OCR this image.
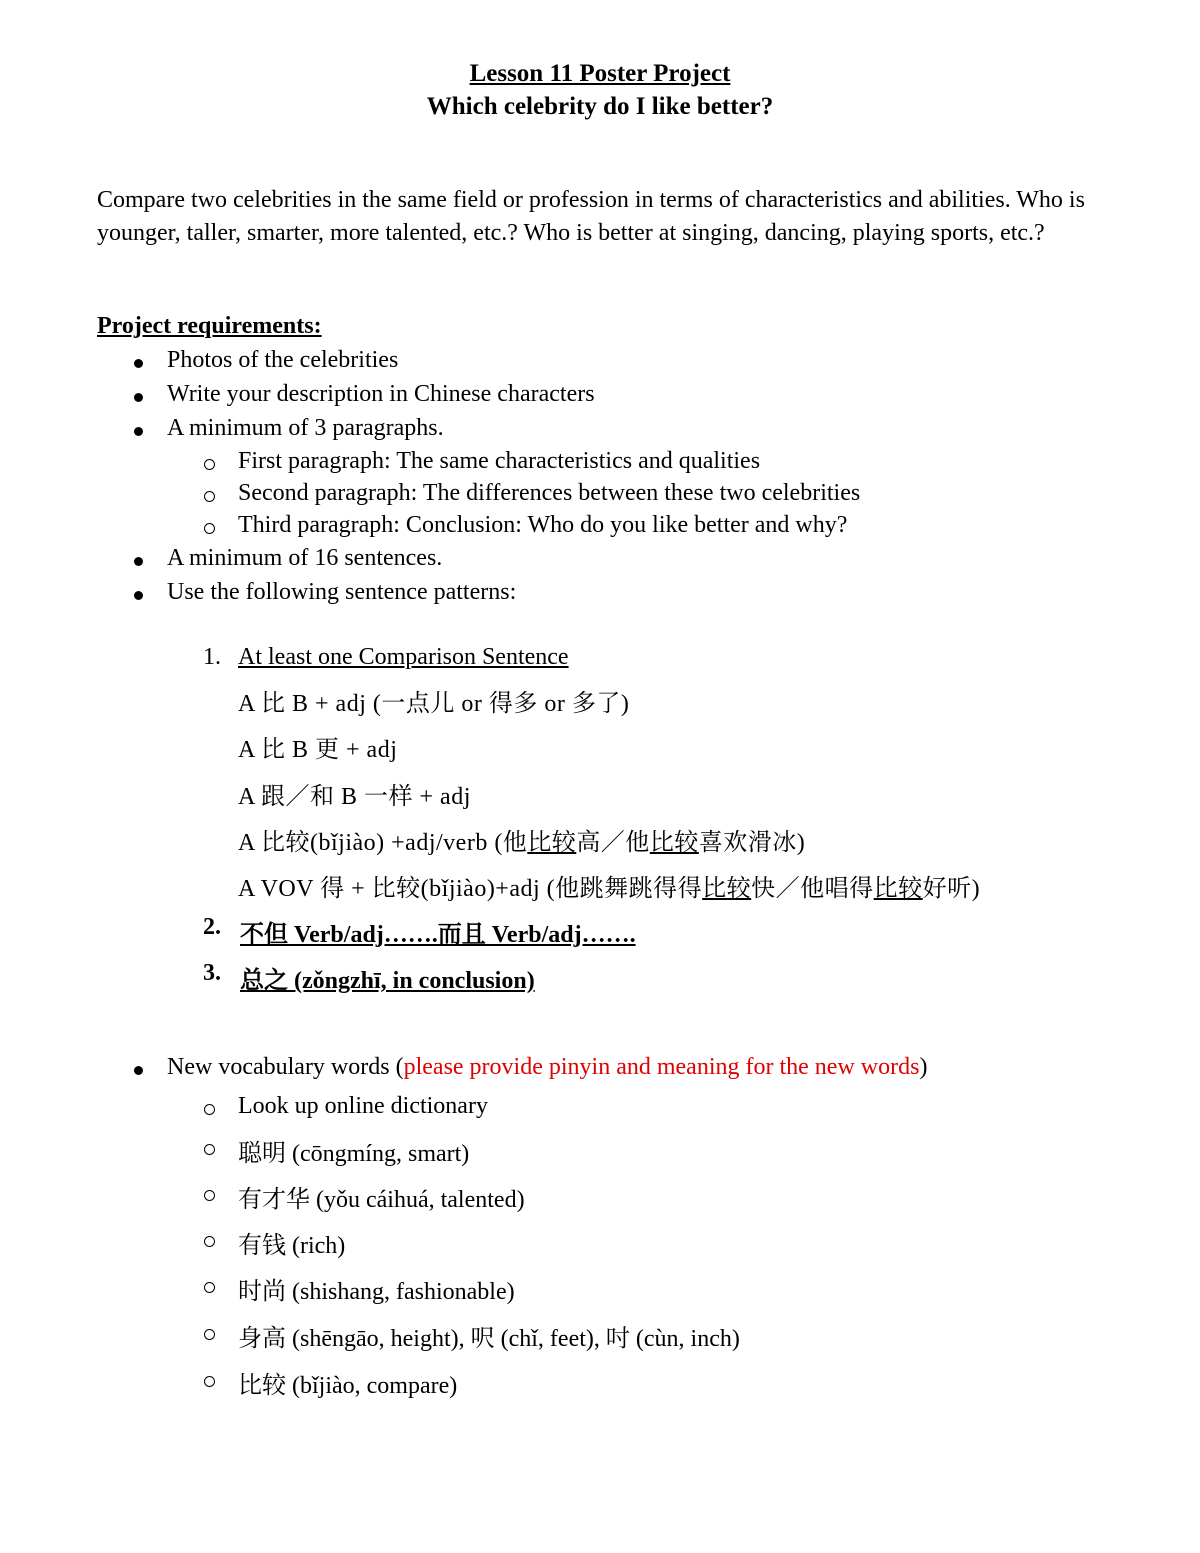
Lesson 11 Poster Project
Which celebrity do I like better?
Compare two celebrities in the same field or profession in terms of characteristics and abilities. Who is younger, taller, smarter, more talented, etc.? Who is better at singing, dancing, playing sports, etc.?
Project requirements:
Photos of the celebrities
Write your description in Chinese characters
A minimum of 3 paragraphs.
First paragraph: The same characteristics and qualities
Second paragraph: The differences between these two celebrities
Third paragraph: Conclusion: Who do you like better and why?
A minimum of 16 sentences.
Use the following sentence patterns:
1. At least one Comparison Sentence
A 比 B + adj (一点儿 or 得多 or 多了)
A 比 B 更 + adj
A 跟／和 B 一样 + adj
A 比较(bǐjiào) +adj/verb (他比较高／他比较喜欢滑冰)
A VOV 得 + 比较(bǐjiào)+adj (他跳舞跳得得比较快／他唱得比较好听)
2. 不但 Verb/adj…….而且 Verb/adj…….
3. 总之 (zǒngzhī, in conclusion)
New vocabulary words (please provide pinyin and meaning for the new words)
Look up online dictionary
聪明 (cōngmíng, smart)
有才华 (yǒu cáihuá, talented)
有钱 (rich)
时尚 (shishang, fashionable)
身高 (shēngāo, height), 呎 (chǐ, feet), 吋 (cùn, inch)
比较 (bǐjiào, compare)
